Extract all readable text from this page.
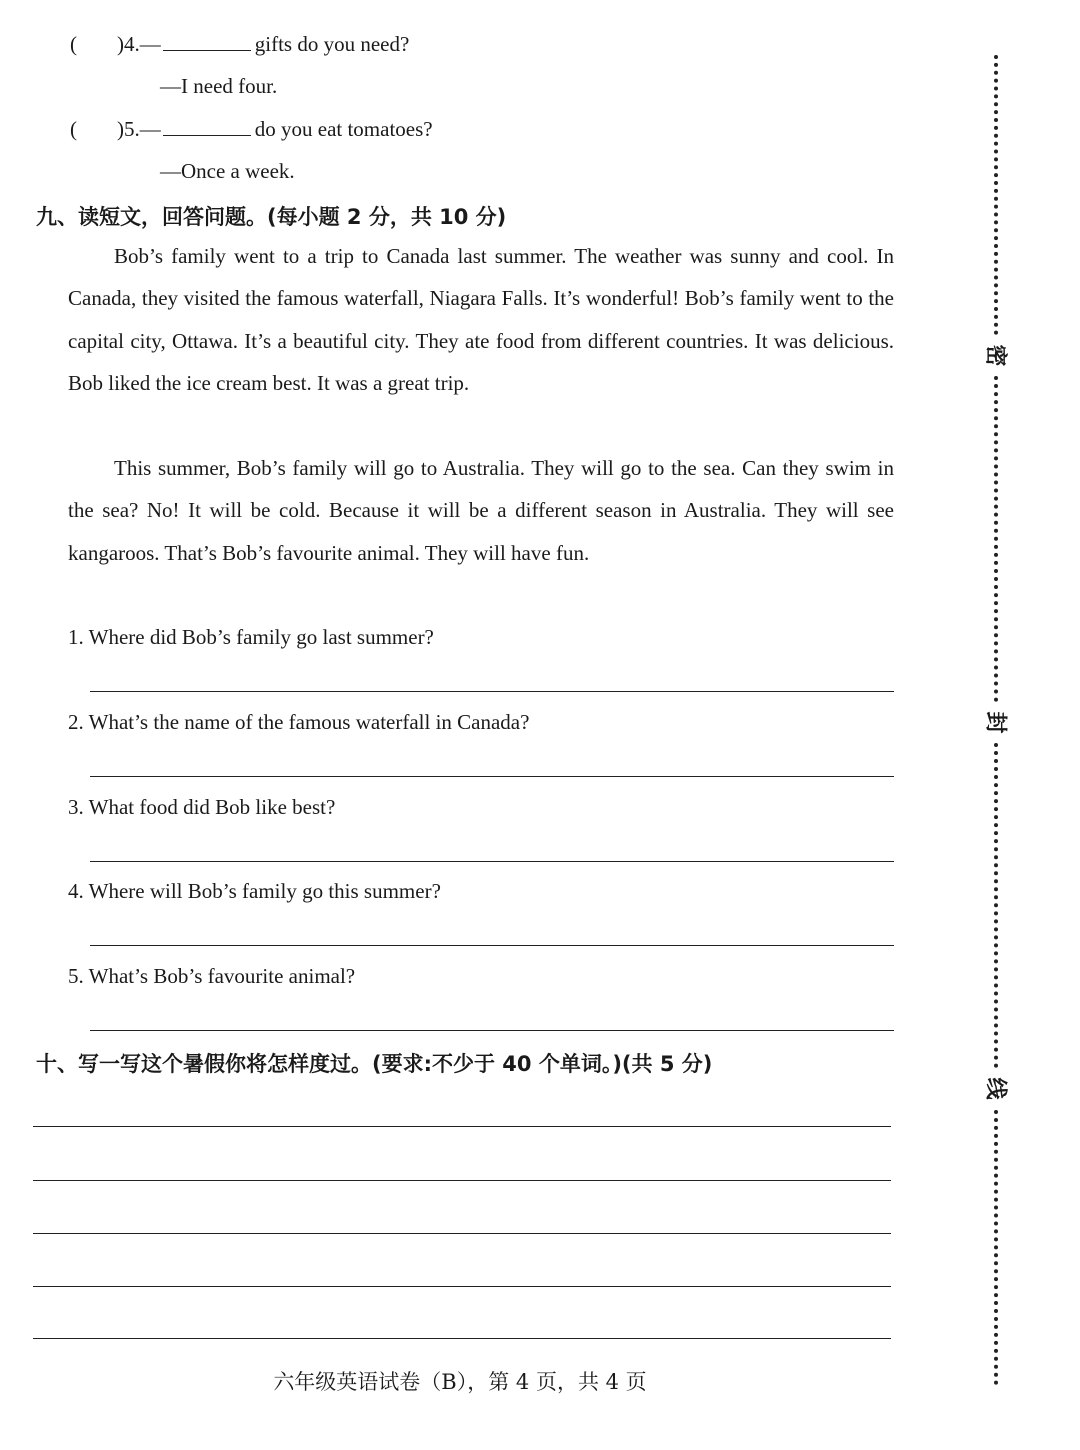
( )4.—	gifts do you need?
—I need four.
( )5.—	do you eat tomatoes?
—Once a week.
九、读短文，回答问题。(每小题 2 分，共 10 分)

Bob’s family went to a trip to Canada last summer. The weather was sunny and cool. In Canada, they visited the famous waterfall, Niagara Falls. It’s wonderful! Bob’s family went to the capital city, Ottawa. It’s a beautiful city. They ate food from different countries. It was delicious. Bob liked the ice cream best. It was a great trip.

This summer, Bob’s family will go to Australia. They will go to the sea. Can they swim in the sea? No! It will be cold. Because it will be a different season in Australia. They will see kangaroos. That’s Bob’s favourite animal. They will have fun.

1. Where did Bob’s family go last summer?
2. What’s the name of the famous waterfall in Canada?
3. What food did Bob like best?
4. Where will Bob’s family go this summer?
5. What’s Bob’s favourite animal?
十、写一写这个暑假你将怎样度过。(要求:不少于 40 个单词。)(共 5 分)
六年级英语试卷（B），第 4 页，共 4 页
密
封
线
